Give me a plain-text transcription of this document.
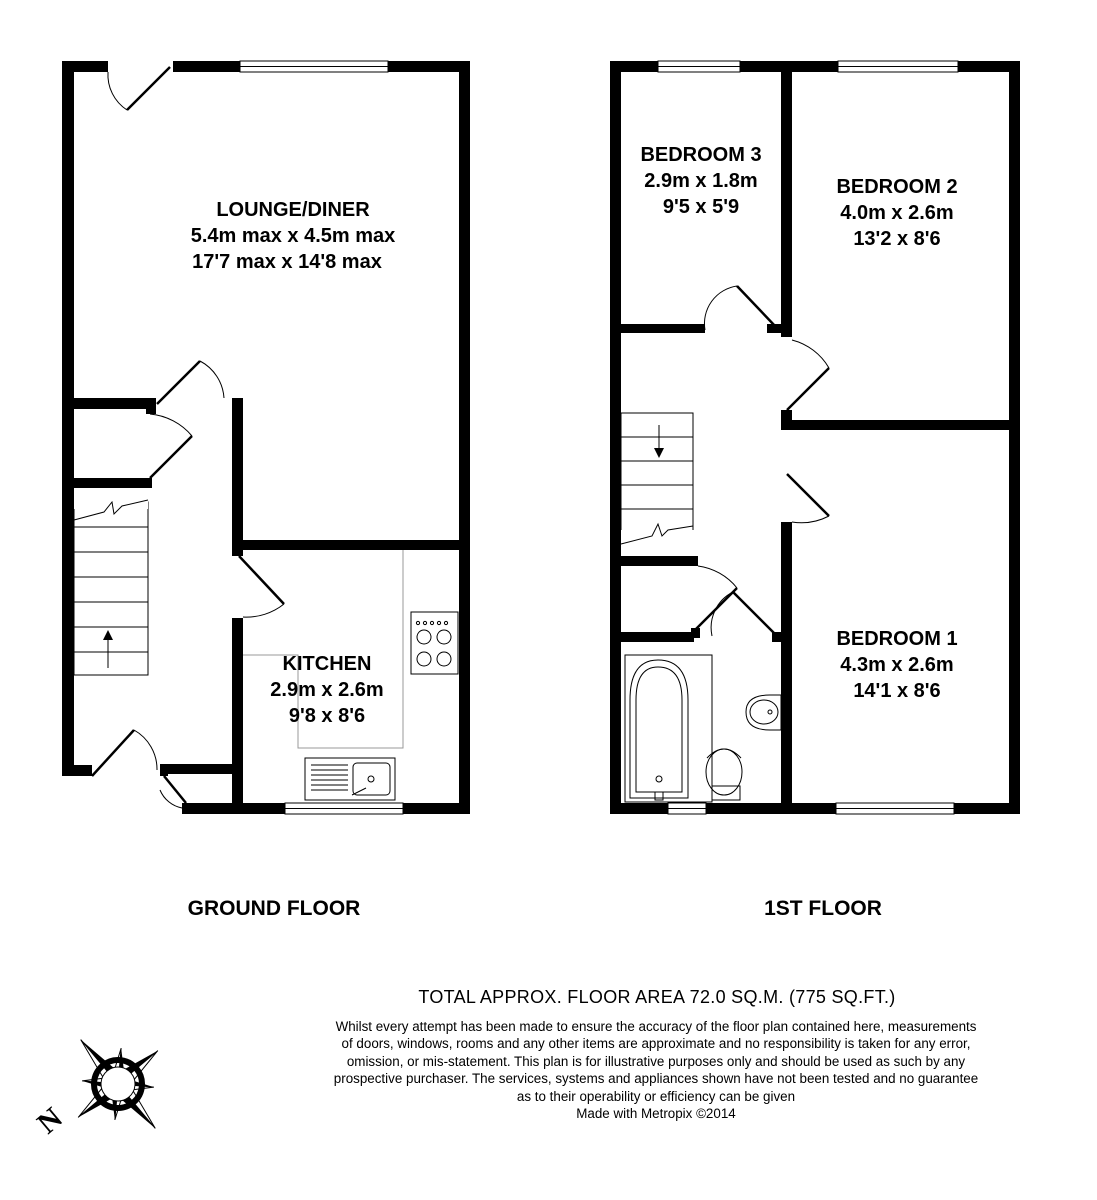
LOUNGE/DINER
5.4m max x 4.5m max
17'7 max x 14'8 max
KITCHEN
2.9m x 2.6m
9'8 x 8'6
GROUND FLOOR
BEDROOM 3
2.9m x 1.8m
9'5 x 5'9
BEDROOM 2
4.0m x 2.6m
13'2 x 8'6
BEDROOM 1
4.3m x 2.6m
14'1 x 8'6
1ST FLOOR
N
TOTAL APPROX. FLOOR AREA 72.0 SQ.M. (775 SQ.FT.)

Whilst every attempt has been made to ensure the accuracy of the floor plan contained here, measurements

of doors, windows, rooms and any other items are approximate and no responsibility is taken for any error,

omission, or mis-statement. This plan is for illustrative purposes only and should be used as such by any

prospective purchaser. The services, systems and appliances shown have not been tested and no guarantee

as to their operability or efficiency can be given

Made with Metropix ©2014
